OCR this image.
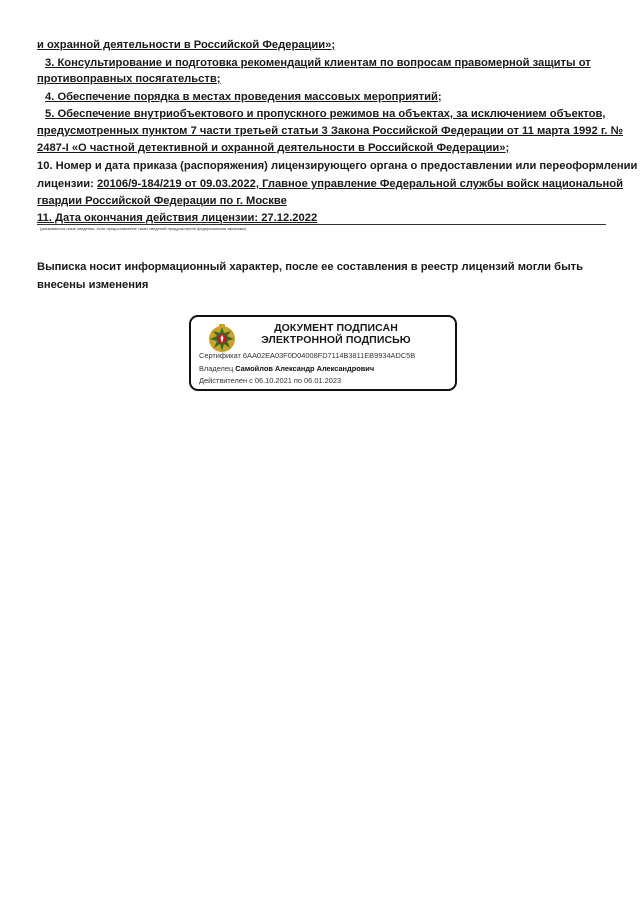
и охранной деятельности в Российской Федерации»;
3. Консультирование и подготовка рекомендаций клиентам по вопросам правомерной защиты от
противоправных посягательств;
4. Обеспечение порядка в местах проведения массовых мероприятий;
5. Обеспечение внутриобъектового и пропускного режимов на объектах, за исключением объектов,
предусмотренных пунктом 7 части третьей статьи 3 Закона Российской Федерации от 11 марта 1992 г. №
2487-I «О частной детективной и охранной деятельности в Российской Федерации»;
10. Номер и дата приказа (распоряжения) лицензирующего органа о предоставлении или переоформлении
лицензии: 20106/9-184/219 от 09.03.2022, Главное управление Федеральной службы войск национальной
гвардии Российской Федерации по г. Москве
11. Дата окончания действия лицензии: 27.12.2022
(указываются иные сведения, если предоставление таких сведений предусмотрено федеральными законами)
Выписка носит информационный характер, после ее составления в реестр лицензий могли быть внесены изменения
ДОКУМЕНТ ПОДПИСАН
ЭЛЕКТРОННОЙ ПОДПИСЬЮ
Сертификат 6AA02EA03F0D04008FD7114B3811EB9934ADC5B
Владелец Самойлов Александр Александрович
Действителен с 06.10.2021 по 06.01.2023
